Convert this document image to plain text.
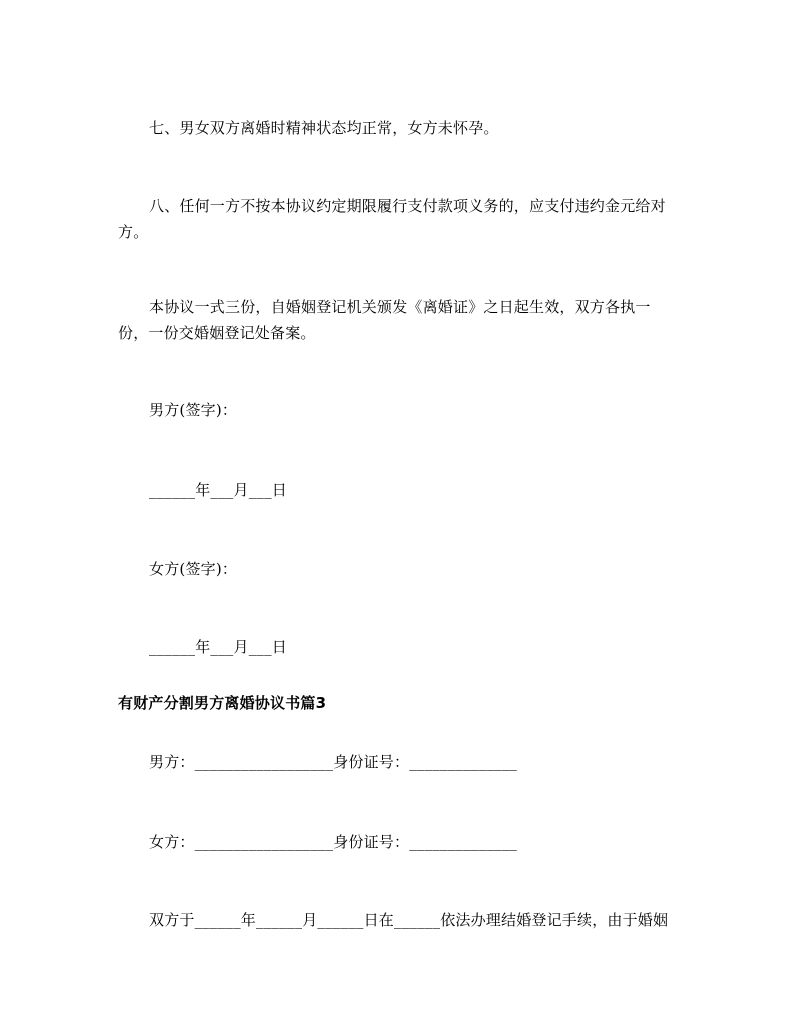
七、男女双方离婚时精神状态均正常，女方未怀孕。
八、任何一方不按本协议约定期限履行支付款项义务的，应支付违约金元给对
方。
本协议一式三份，自婚姻登记机关颁发《离婚证》之日起生效，双方各执一
份，一份交婚姻登记处备案。
男方(签字)：
______年___月___日
女方(签字)：
______年___月___日
有财产分割男方离婚协议书篇3
男方：__________________身份证号：______________
女方：__________________身份证号：______________
双方于______年______月______日在______依法办理结婚登记手续，由于婚姻
